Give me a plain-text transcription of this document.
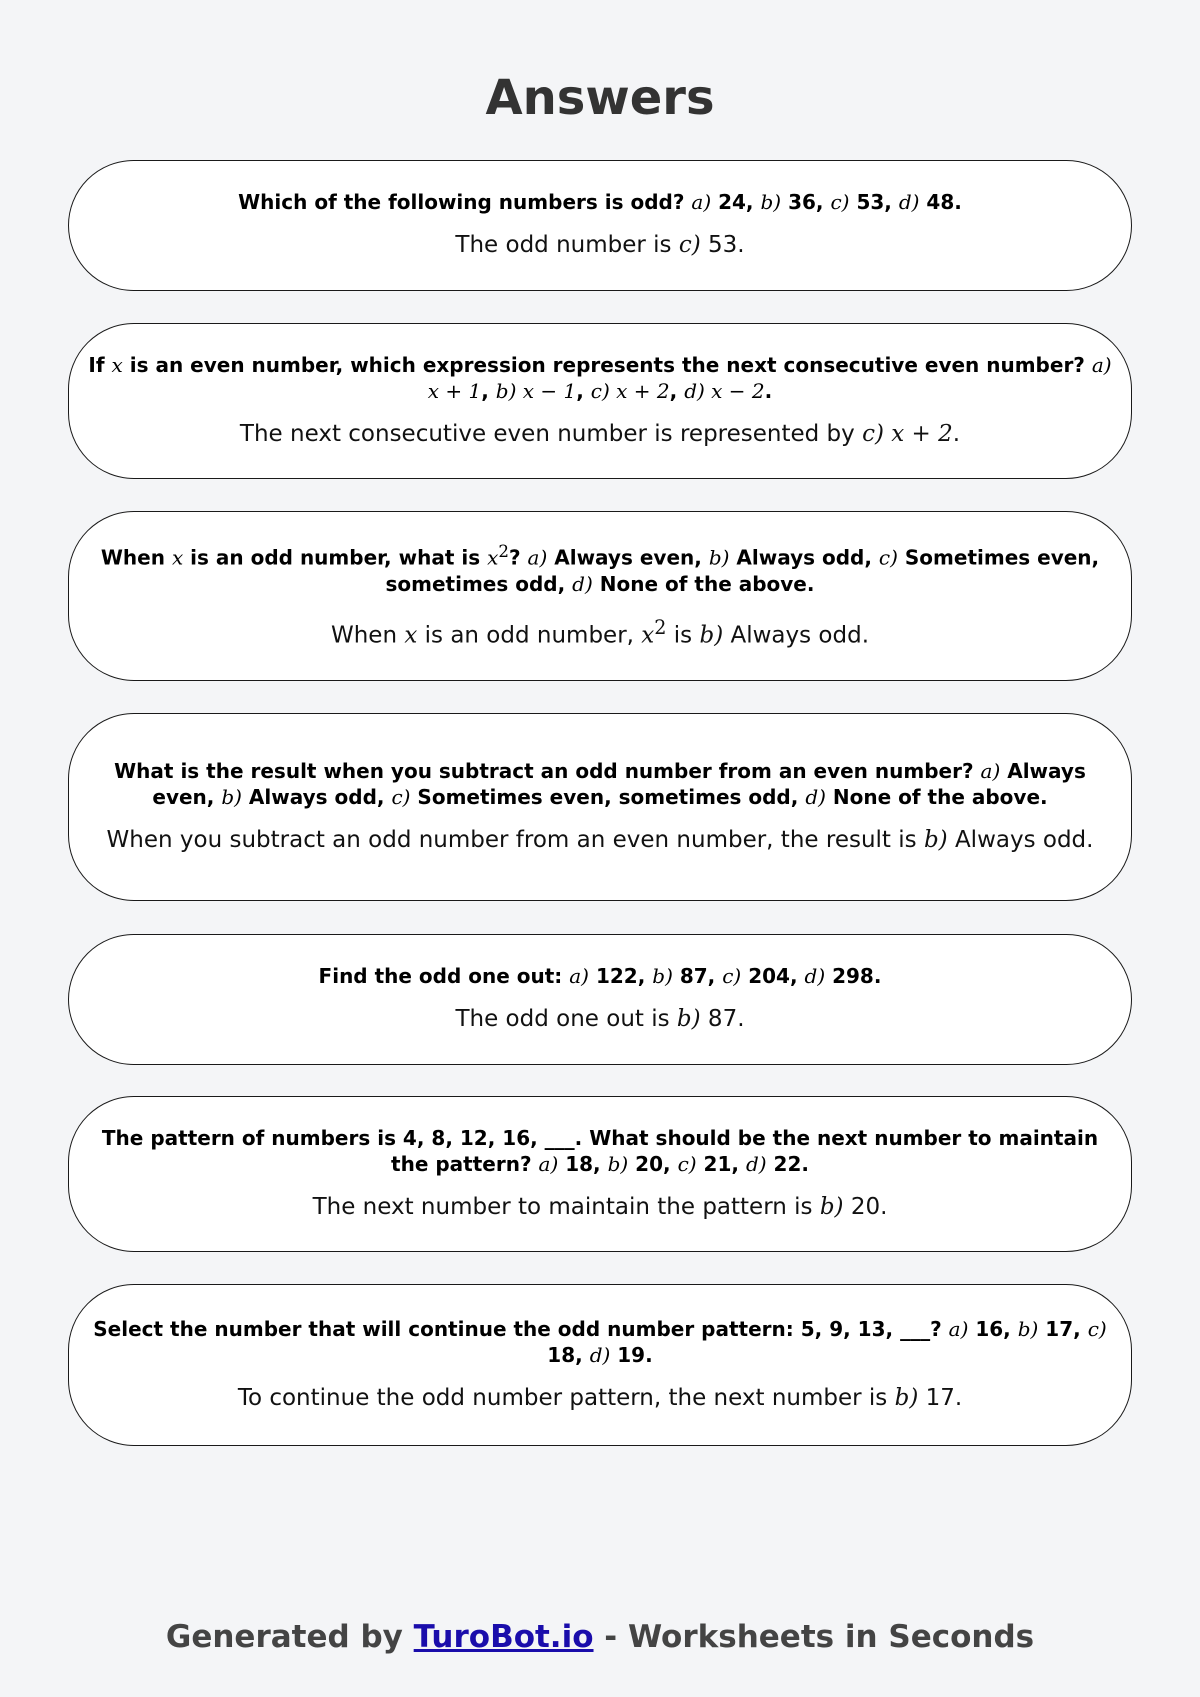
Answers
Which of the following numbers is odd? a) 24, b) 36, c) 53, d) 48.
The odd number is c) 53.
If x is an even number, which expression represents the next consecutive even number? a) x + 1, b) x − 1, c) x + 2, d) x − 2.
The next consecutive even number is represented by c) x + 2.
When x is an odd number, what is $x^2$? a) Always even, b) Always odd, c) Sometimes even, sometimes odd, d) None of the above.
When x is an odd number, $x^2$ is b) Always odd.
What is the result when you subtract an odd number from an even number? a) Always even, b) Always odd, c) Sometimes even, sometimes odd, d) None of the above.
When you subtract an odd number from an even number, the result is b) Always odd.
Find the odd one out: a) 122, b) 87, c) 204, d) 298.
The odd one out is b) 87.
The pattern of numbers is 4, 8, 12, 16, ___. What should be the next number to maintain the pattern? a) 18, b) 20, c) 21, d) 22.
The next number to maintain the pattern is b) 20.
Select the number that will continue the odd number pattern: 5, 9, 13, ___? a) 16, b) 17, c) 18, d) 19.
To continue the odd number pattern, the next number is b) 17.
Generated by TuroBot.io - Worksheets in Seconds
